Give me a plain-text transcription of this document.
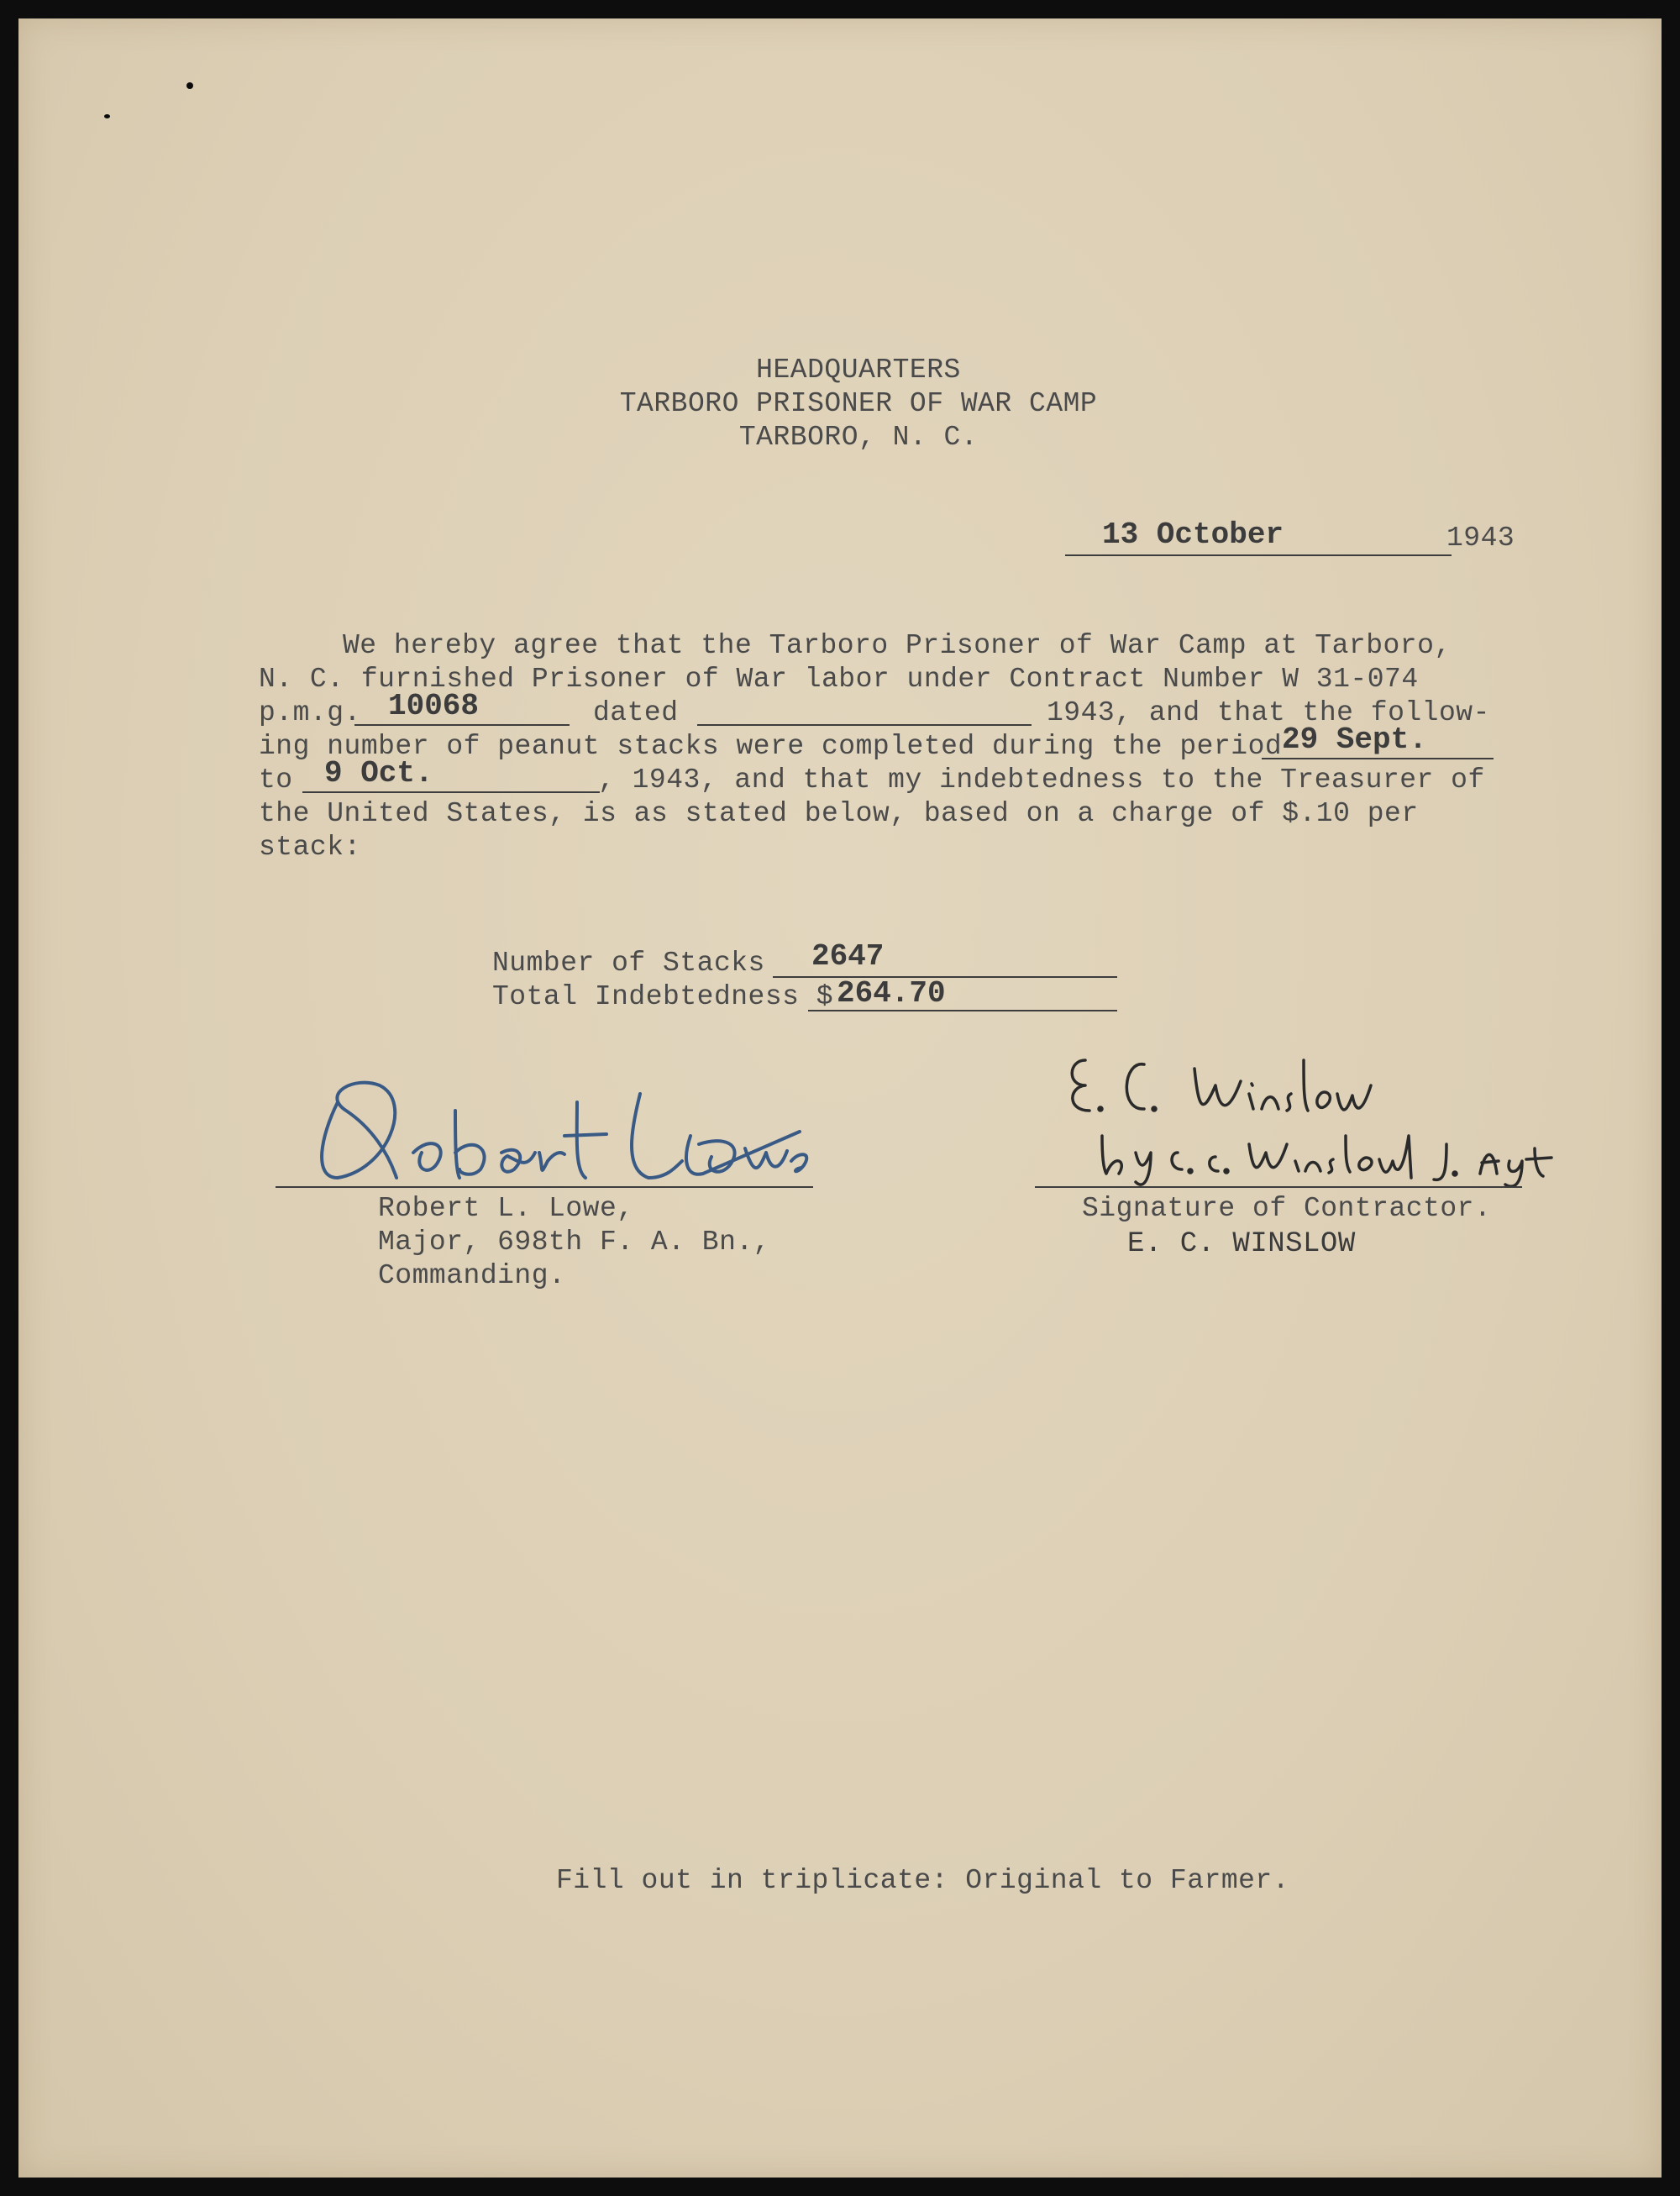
HEADQUARTERS
TARBORO PRISONER OF WAR CAMP
TARBORO, N. C.
13 October	1943
We hereby agree that the Tarboro Prisoner of War Camp at Tarboro,
N. C. furnished Prisoner of War labor under Contract Number W 31-074
p.m.g. 10068	dated	1943, and that the follow-
ing number of peanut stacks were completed during the period 29 Sept.
to 9 Oct.	, 1943, and that my indebtedness to the Treasurer of
the United States, is as stated below, based on a charge of $.10 per
stack:
Number of Stacks 2647
Total Indebtedness $ 264.70
Robert L. Lowe,
Major, 698th F. A. Bn.,
Commanding.
Signature of Contractor.
E. C. WINSLOW
Fill out in triplicate: Original to Farmer.
